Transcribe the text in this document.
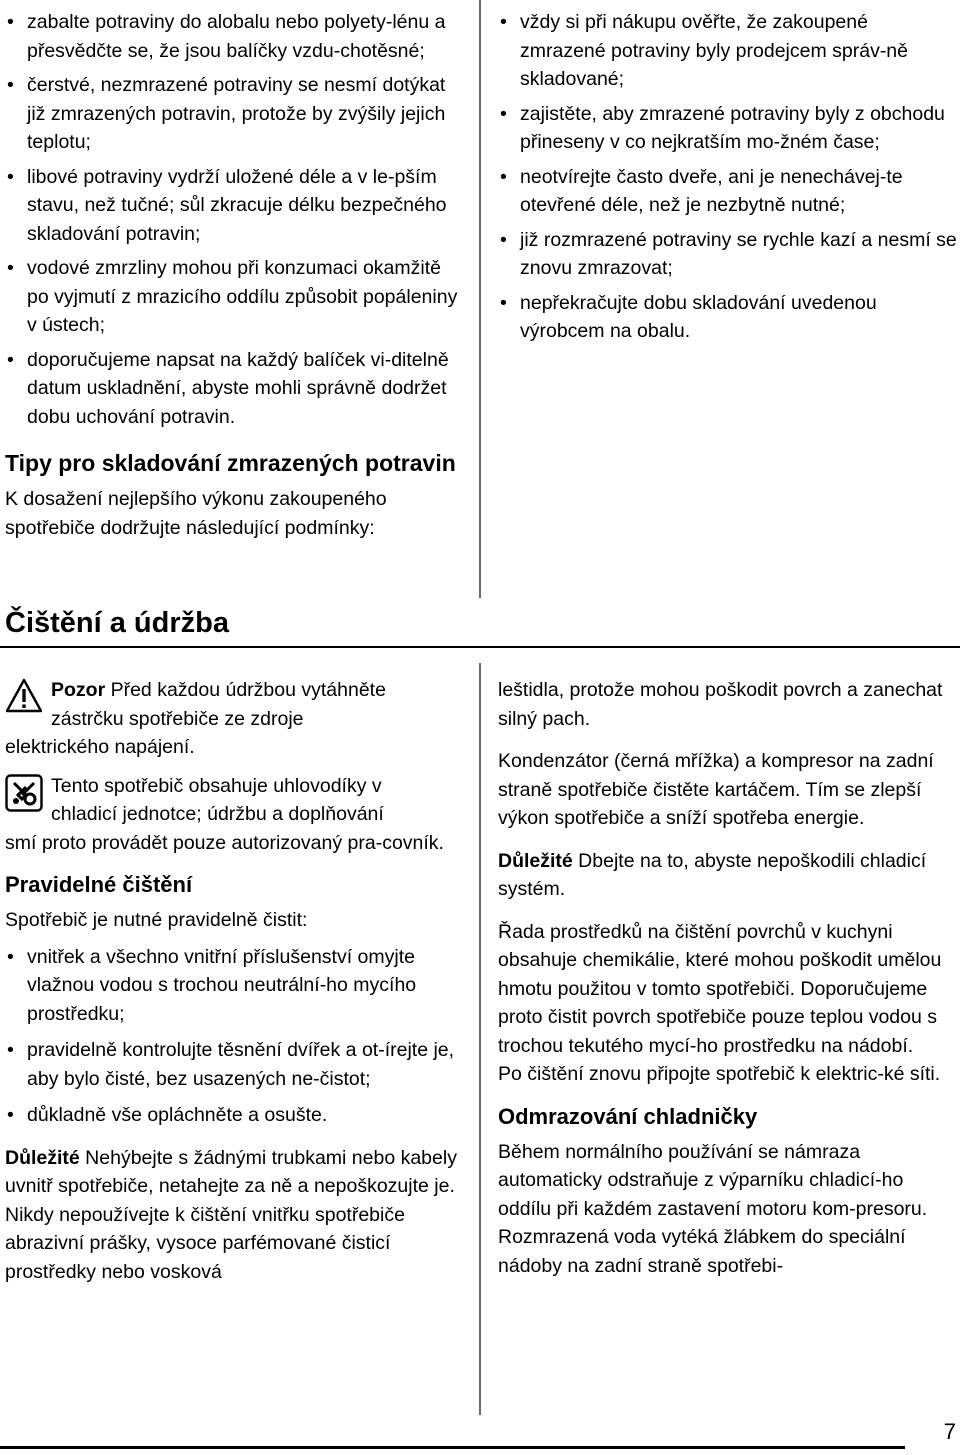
• zabalte potraviny do alobalu nebo polyety-lénu a přesvědčte se, že jsou balíčky vzdu-chotěsné;
• čerstvé, nezmrazené potraviny se nesmí dotýkat již zmrazených potravin, protože by zvýšily jejich teplotu;
• libové potraviny vydrží uložené déle a v le-pším stavu, než tučné; sůl zkracuje délku bezpečného skladování potravin;
• vodové zmrzliny mohou při konzumaci okamžitě po vyjmutí z mrazicího oddílu způsobit popáleniny v ústech;
• doporučujeme napsat na každý balíček vi-ditelně datum uskladnění, abyste mohli správně dodržet dobu uchování potravin.
Tipy pro skladování zmrazených potravin

K dosažení nejlepšího výkonu zakoupeného spotřebiče dodržujte následující podmínky:

• vždy si při nákupu ověřte, že zakoupené zmrazené potraviny byly prodejcem správ-ně skladované;
• zajistěte, aby zmrazené potraviny byly z obchodu přineseny v co nejkratším mo-žném čase;
• neotvírejte často dveře, ani je nenechávej-te otevřené déle, než je nezbytně nutné;
• již rozmrazené potraviny se rychle kazí a nesmí se znovu zmrazovat;
• nepřekračujte dobu skladování uvedenou výrobcem na obalu.
Čištění a údržba
Pozor Před každou údržbou vytáhněte
zástrčku spotřebiče ze zdroje
elektrického napájení.
Tento spotřebič obsahuje uhlovodíky v
chladicí jednotce; údržbu a doplňování
smí proto provádět pouze autorizovaný pra-covník.
Pravidelné čištění

Spotřebič je nutné pravidelně čistit:

• vnitřek a všechno vnitřní příslušenství omyjte vlažnou vodou s trochou neutrální-ho mycího prostředku;
• pravidelně kontrolujte těsnění dvířek a ot-írejte je, aby bylo čisté, bez usazených ne-čistot;
• důkladně vše opláchněte a osušte.

Důležité Nehýbejte s žádnými trubkami nebo kabely uvnitř spotřebiče, netahejte za ně a nepoškozujte je.

Nikdy nepoužívejte k čištění vnitřku spotřebiče abrazivní prášky, vysoce parfémované čisticí prostředky nebo vosková

leštidla, protože mohou poškodit povrch a zanechat silný pach.

Kondenzátor (černá mřížka) a kompresor na zadní straně spotřebiče čistěte kartáčem. Tím se zlepší výkon spotřebiče a sníží spotřeba energie.

Důležité Dbejte na to, abyste nepoškodili chladicí systém.

Řada prostředků na čištění povrchů v kuchyni obsahuje chemikálie, které mohou poškodit umělou hmotu použitou v tomto spotřebiči. Doporučujeme proto čistit povrch spotřebiče pouze teplou vodou s trochou tekutého mycí-ho prostředku na nádobí.

Po čištění znovu připojte spotřebič k elektric-ké síti.

Odmrazování chladničky

Během normálního používání se námraza automaticky odstraňuje z výparníku chladicí-ho oddílu při každém zastavení motoru kom-presoru. Rozmrazená voda vytéká žlábkem do speciální nádoby na zadní straně spotřebi-

7
